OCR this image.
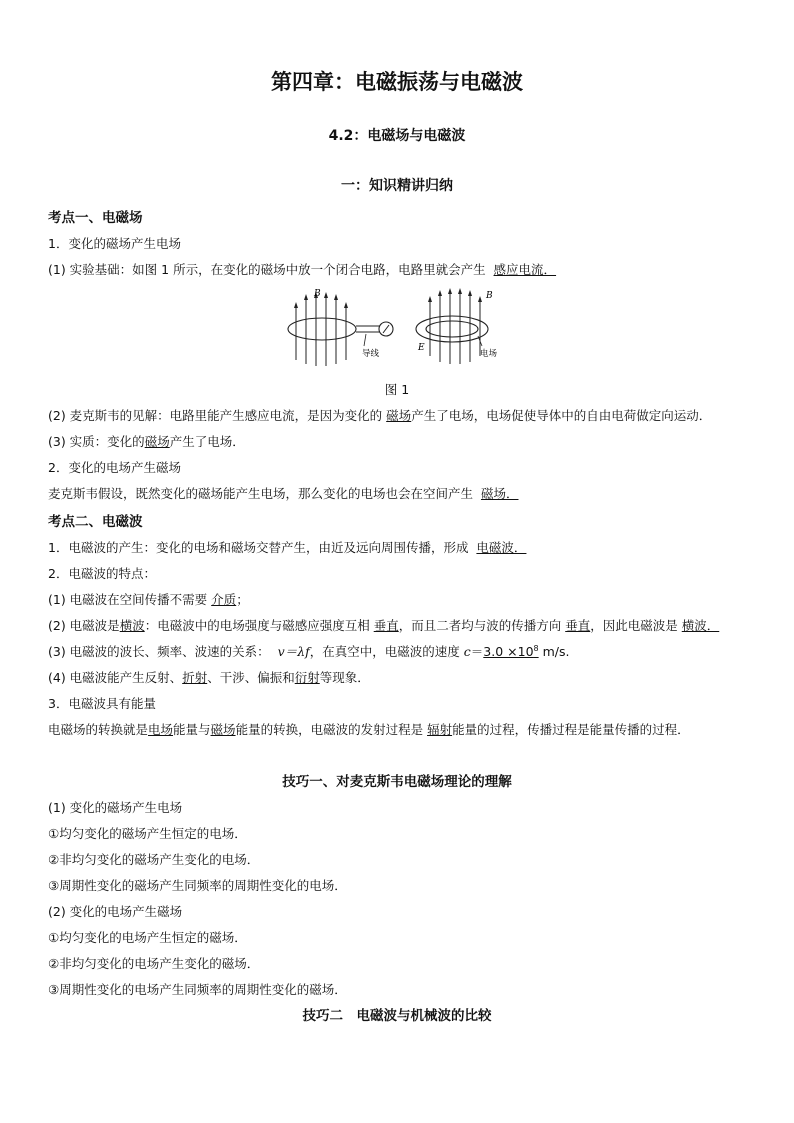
第四章：电磁振荡与电磁波
4.2：电磁场与电磁波
一：知识精讲归纳
考点一、电磁场
1．变化的磁场产生电场
(1) 实验基础：如图 1 所示，在变化的磁场中放一个闭合电路，电路里就会产生 感应电流．
B
导线
B
E
电场
图 1
(2) 麦克斯韦的见解：电路里能产生感应电流，是因为变化的 磁场产生了电场，电场促使导体中的自由电荷做定向运动．
(3) 实质：变化的磁场产生了电场．
2．变化的电场产生磁场
麦克斯韦假设，既然变化的磁场能产生电场，那么变化的电场也会在空间产生 磁场．
考点二、电磁波
1．电磁波的产生：变化的电场和磁场交替产生，由近及远向周围传播，形成 电磁波．
2．电磁波的特点：
(1) 电磁波在空间传播不需要 介质；
(2) 电磁波是横波：电磁波中的电场强度与磁感应强度互相 垂直，而且二者均与波的传播方向 垂直，因此电磁波是 横波．
(3) 电磁波的波长、频率、波速的关系： v＝λf，在真空中，电磁波的速度 $c=3.0 \times 10^8$ m/s.
(4) 电磁波能产生反射、折射、干涉、偏振和衍射等现象．
3．电磁波具有能量
电磁场的转换就是电场能量与磁场能量的转换，电磁波的发射过程是 辐射能量的过程，传播过程是能量传播的过程．
技巧一、对麦克斯韦电磁场理论的理解
(1) 变化的磁场产生电场
①均匀变化的磁场产生恒定的电场．
②非均匀变化的磁场产生变化的电场．
③周期性变化的磁场产生同频率的周期性变化的电场．
(2) 变化的电场产生磁场
①均匀变化的电场产生恒定的磁场．
②非均匀变化的电场产生变化的磁场．
③周期性变化的电场产生同频率的周期性变化的磁场．
技巧二　电磁波与机械波的比较
